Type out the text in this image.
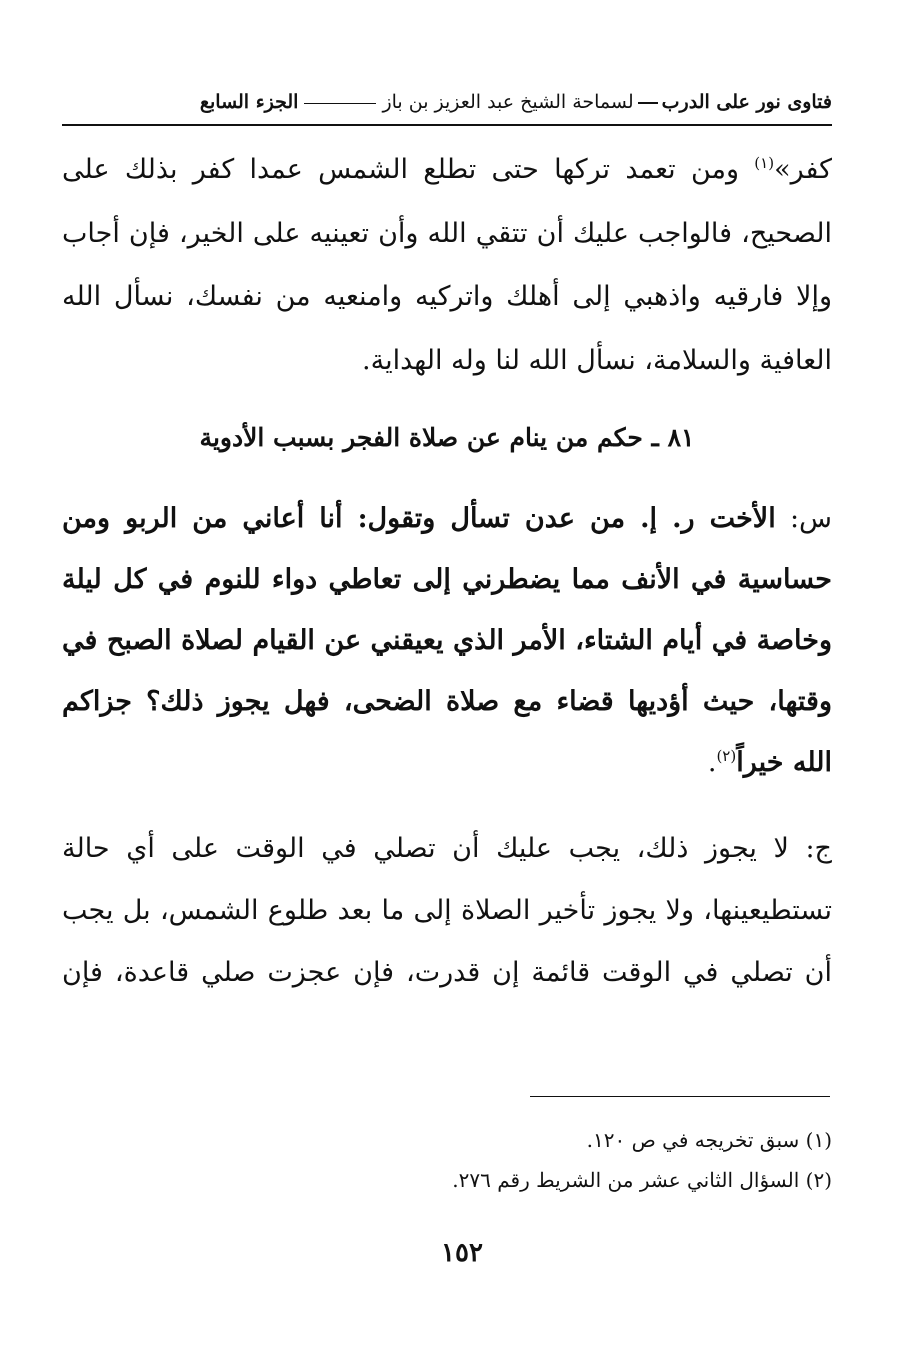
فتاوى نور على الدرب
لسماحة الشيخ عبد العزيز بن باز
الجزء السابع
كفر»$^{(١)}$ ومن تعمد تركها حتى تطلع الشمس عمدا كفر بذلك على الصحيح، فالواجب عليك أن تتقي الله وأن تعينيه على الخير، فإن أجاب وإلا فارقيه واذهبي إلى أهلك واتركيه وامنعيه من نفسك، نسأل الله العافية والسلامة، نسأل الله لنا وله الهداية.
٨١ ـ حكم من ينام عن صلاة الفجر بسبب الأدوية
س: الأخت ر. إ. من عدن تسأل وتقول: أنا أعاني من الربو ومن حساسية في الأنف مما يضطرني إلى تعاطي دواء للنوم في كل ليلة وخاصة في أيام الشتاء، الأمر الذي يعيقني عن القيام لصلاة الصبح في وقتها، حيث أؤديها قضاء مع صلاة الضحى، فهل يجوز ذلك؟ جزاكم الله خيراً$^{(٢)}$.
ج: لا يجوز ذلك، يجب عليك أن تصلي في الوقت على أي حالة تستطيعينها، ولا يجوز تأخير الصلاة إلى ما بعد طلوع الشمس، بل يجب أن تصلي في الوقت قائمة إن قدرت، فإن عجزت صلي قاعدة، فإن
(١) سبق تخريجه في ص ١٢٠.
(٢) السؤال الثاني عشر من الشريط رقم ٢٧٦.
١٥٢
